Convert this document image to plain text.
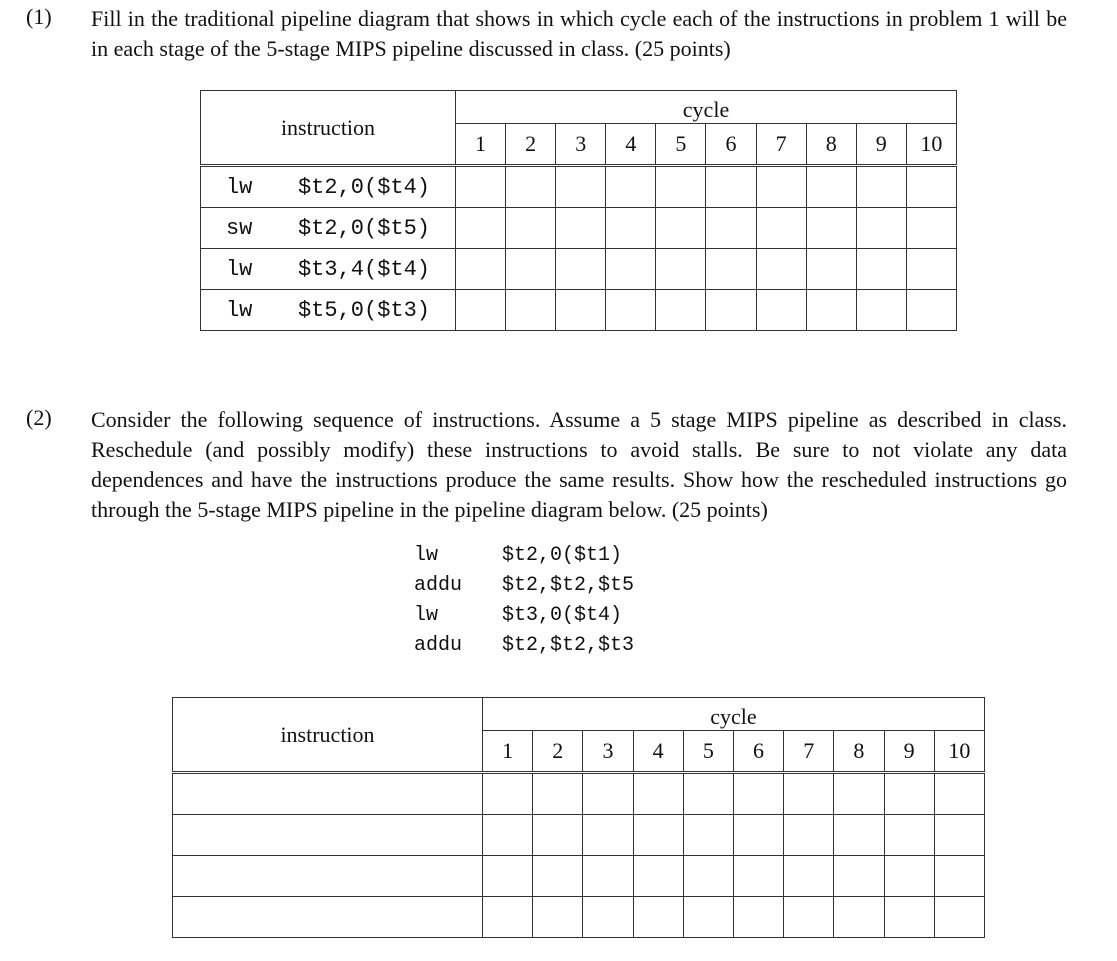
(1) Fill in the traditional pipeline diagram that shows in which cycle each of the instructions in problem 1 will be in each stage of the 5-stage MIPS pipeline discussed in class. (25 points)
instruction	cycle									
	1	2	3	4	5	6	7	8	9	10
lw $t2,0($t4)										
sw $t2,0($t5)										
lw $t3,4($t4)										
lw $t5,0($t3)										
(2) Consider the following sequence of instructions. Assume a 5 stage MIPS pipeline as described in class. Reschedule (and possibly modify) these instructions to avoid stalls. Be sure to not violate any data dependences and have the instructions produce the same results. Show how the rescheduled instructions go through the 5-stage MIPS pipeline in the pipeline diagram below. (25 points)
lw	$t2,0($t1)
addu $t2,$t2,$t5
lw	$t3,0($t4)
addu $t2,$t2,$t3
instruction	cycle									
	1	2	3	4	5	6	7	8	9	10
